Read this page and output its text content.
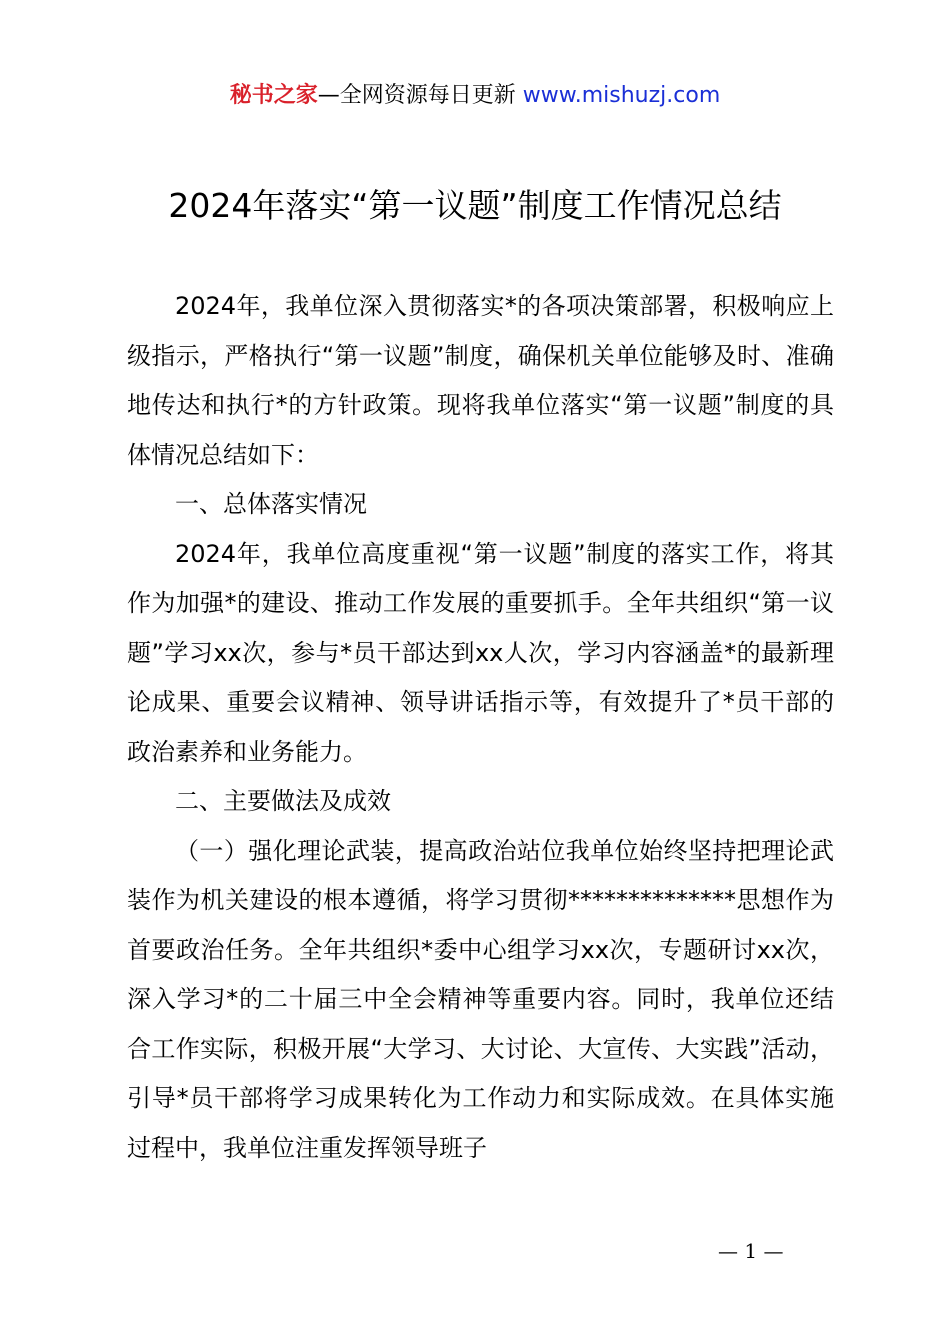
秘书之家—全网资源每日更新 www.mishuzj.com
2024年落实“第一议题”制度工作情况总结

2024年，我单位深入贯彻落实*的各项决策部署，积极响应上级指示，严格执行“第一议题”制度，确保机关单位能够及时、准确地传达和执行*的方针政策。现将我单位落实“第一议题”制度的具体情况总结如下：

一、总体落实情况

2024年，我单位高度重视“第一议题”制度的落实工作，将其作为加强*的建设、推动工作发展的重要抓手。全年共组织“第一议题”学习xx次，参与*员干部达到xx人次，学习内容涵盖*的最新理论成果、重要会议精神、领导讲话指示等，有效提升了*员干部的政治素养和业务能力。

二、主要做法及成效

（一）强化理论武装，提高政治站位我单位始终坚持把理论武装作为机关建设的根本遵循，将学习贯彻**************思想作为首要政治任务。全年共组织*委中心组学习xx次，专题研讨xx次，深入学习*的二十届三中全会精神等重要内容。同时，我单位还结合工作实际，积极开展“大学习、大讨论、大宣传、大实践”活动，引导*员干部将学习成果转化为工作动力和实际成效。在具体实施过程中，我单位注重发挥领导班子

— 1 —
